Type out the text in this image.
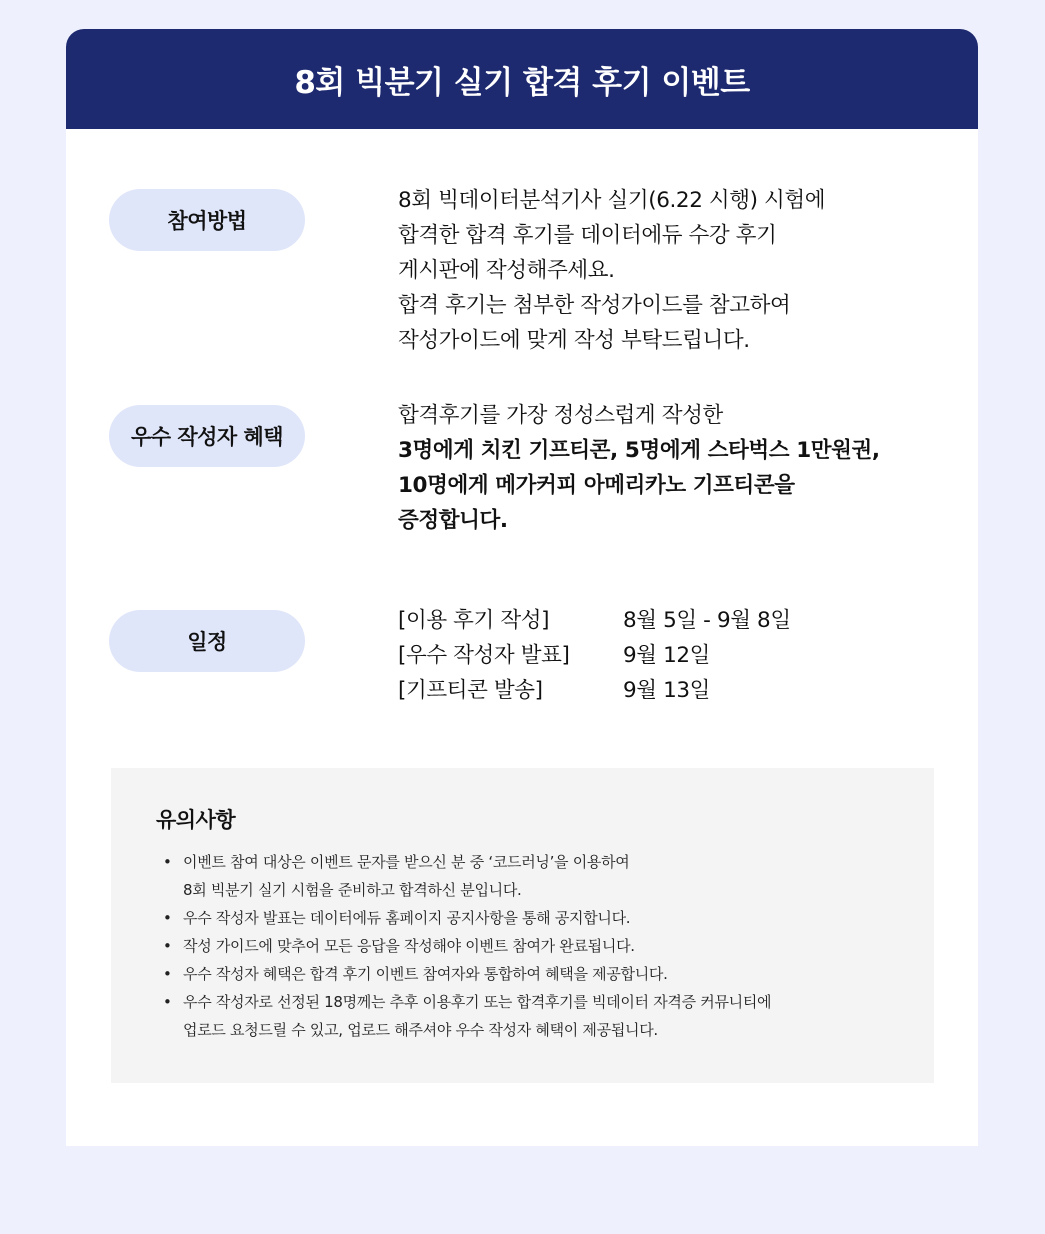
8회 빅분기 실기 합격 후기 이벤트
참여방법
8회 빅데이터분석기사 실기(6.22 시행) 시험에
합격한 합격 후기를 데이터에듀 수강 후기
게시판에 작성해주세요.
합격 후기는 첨부한 작성가이드를 참고하여
작성가이드에 맞게 작성 부탁드립니다.
우수 작성자 혜택
합격후기를 가장 정성스럽게 작성한
3명에게 치킨 기프티콘, 5명에게 스타벅스 1만원권,
10명에게 메가커피 아메리카노 기프티콘을
증정합니다.
일정
[이용 후기 작성]	8월 5일 - 9월 8일
[우수 작성자 발표]	9월 12일
[기프티콘 발송]	9월 13일
유의사항
• 이벤트 참여 대상은 이벤트 문자를 받으신 분 중 ‘코드러닝’을 이용하여
8회 빅분기 실기 시험을 준비하고 합격하신 분입니다.
• 우수 작성자 발표는 데이터에듀 홈페이지 공지사항을 통해 공지합니다.
• 작성 가이드에 맞추어 모든 응답을 작성해야 이벤트 참여가 완료됩니다.
• 우수 작성자 혜택은 합격 후기 이벤트 참여자와 통합하여 혜택을 제공합니다.
• 우수 작성자로 선정된 18명께는 추후 이용후기 또는 합격후기를 빅데이터 자격증 커뮤니티에
업로드 요청드릴 수 있고, 업로드 해주셔야 우수 작성자 혜택이 제공됩니다.
